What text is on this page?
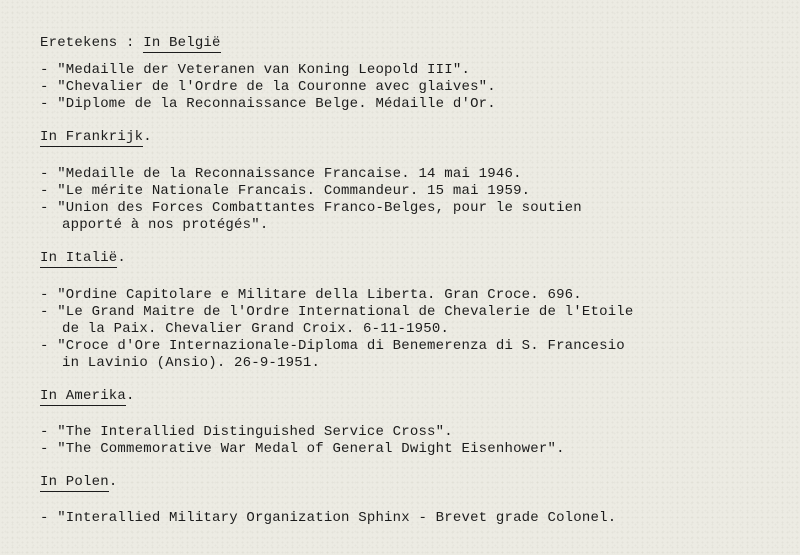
Eretekens : In België
- "Medaille der Veteranen van Koning Leopold III".
- "Chevalier de l'Ordre de la Couronne avec glaives".
- "Diplome de la Reconnaissance Belge. Médaille d'Or.
In Frankrijk.
- "Medaille de la Reconnaissance Francaise. 14 mai 1946.
- "Le mérite Nationale Francais. Commandeur. 15 mai 1959.
- "Union des Forces Combattantes Franco-Belges, pour le soutien
apporté à nos protégés".
In Italië.
- "Ordine Capitolare e Militare della Liberta. Gran Croce. 696.
- "Le Grand Maitre de l'Ordre International de Chevalerie de l'Etoile
de la Paix. Chevalier Grand Croix. 6-11-1950.
- "Croce d'Ore Internazionale-Diploma di Benemerenza di S. Francesio
in Lavinio (Ansio). 26-9-1951.
In Amerika.
- "The Interallied Distinguished Service Cross".
- "The Commemorative War Medal of General Dwight Eisenhower".
In Polen.
- "Interallied Military Organization Sphinx - Brevet grade Colonel.
